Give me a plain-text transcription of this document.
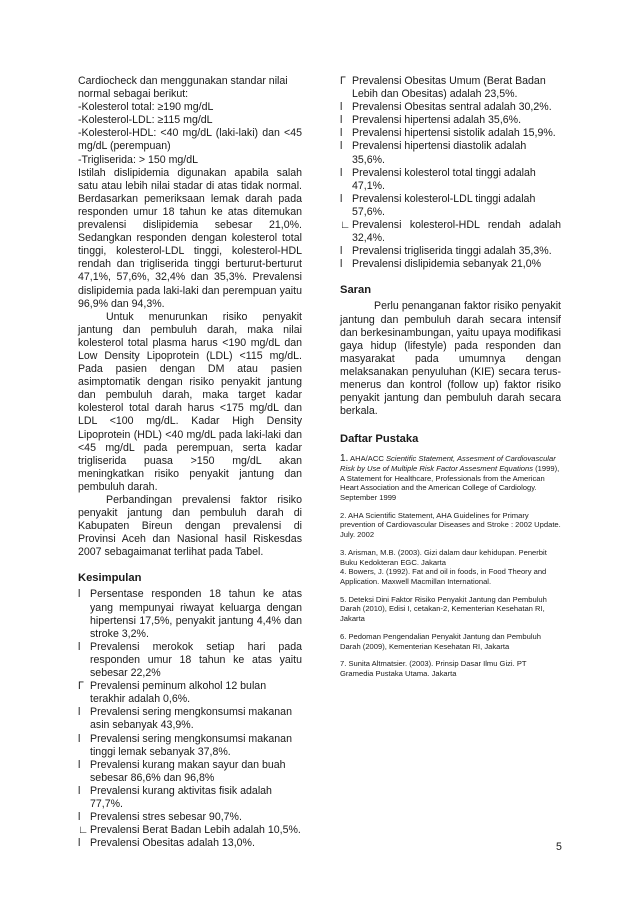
Cardiocheck dan menggunakan standar nilai

normal sebagai berikut:

-Kolesterol total: ≥190 mg/dL

-Kolesterol-LDL: ≥115 mg/dL

-Kolesterol-HDL: <40 mg/dL (laki-laki) dan <45 mg/dL (perempuan)

-Trigliserida: > 150 mg/dL

Istilah dislipidemia digunakan apabila salah satu atau lebih nilai stadar di atas tidak normal. Berdasarkan pemeriksaan lemak darah pada responden umur 18 tahun ke atas ditemukan prevalensi dislipidemia sebesar 21,0%. Sedangkan responden dengan kolesterol total tinggi, kolesterol-LDL tinggi, kolesterol-HDL rendah dan trigliserida tinggi berturut-berturut 47,1%, 57,6%, 32,4% dan 35,3%. Prevalensi dislipidemia pada laki-laki dan perempuan yaitu 96,9% dan 94,3%.

Untuk menurunkan risiko penyakit jantung dan pembuluh darah, maka nilai kolesterol total plasma harus <190 mg/dL dan Low Density Lipoprotein (LDL) <115 mg/dL. Pada pasien dengan DM atau pasien asimptomatik dengan risiko penyakit jantung dan pembuluh darah, maka target kadar kolesterol total darah harus <175 mg/dL dan LDL <100 mg/dL. Kadar High Density Lipoprotein (HDL) <40 mg/dL pada laki-laki dan <45 mg/dL pada perempuan, serta kadar trigliserida puasa >150 mg/dL akan meningkatkan risiko penyakit jantung dan pembuluh darah.

Perbandingan prevalensi faktor risiko penyakit jantung dan pembuluh darah di Kabupaten Bireun dengan prevalensi di Provinsi Aceh dan Nasional hasil Riskesdas 2007 sebagaimanat terlihat pada Tabel.

Kesimpulan

l Persentase responden 18 tahun ke atas yang mempunyai riwayat keluarga dengan hipertensi 17,5%, penyakit jantung 4,4% dan stroke 3,2%.
l Prevalensi merokok setiap hari pada responden umur 18 tahun ke atas yaitu sebesar 22,2%
Γ Prevalensi peminum alkohol 12 bulan terakhir adalah 0,6%.
l Prevalensi sering mengkonsumsi makanan asin sebanyak 43,9%.
l Prevalensi sering mengkonsumsi makanan tinggi lemak sebanyak 37,8%.
l Prevalensi kurang makan sayur dan buah sebesar 86,6% dan 96,8%
l Prevalensi kurang aktivitas fisik adalah 77,7%.
l Prevalensi stres sebesar 90,7%.
∟ Prevalensi Berat Badan Lebih adalah 10,5%.
l Prevalensi Obesitas adalah 13,0%.
Γ Prevalensi Obesitas Umum (Berat Badan Lebih dan Obesitas) adalah 23,5%.
l Prevalensi Obesitas sentral adalah 30,2%.
l Prevalensi hipertensi adalah 35,6%.
l Prevalensi hipertensi sistolik adalah 15,9%.
l Prevalensi hipertensi diastolik adalah 35,6%.
l Prevalensi kolesterol total tinggi adalah 47,1%.
l Prevalensi kolesterol-LDL tinggi adalah 57,6%.
∟ Prevalensi kolesterol-HDL rendah adalah 32,4%.
l Prevalensi trigliserida tinggi adalah 35,3%.
l Prevalensi dislipidemia sebanyak 21,0%

Saran

Perlu penanganan faktor risiko penyakit jantung dan pembuluh darah secara intensif dan berkesinambungan, yaitu upaya modifikasi gaya hidup (lifestyle) pada responden dan masyarakat pada umumnya dengan melaksanakan penyuluhan (KIE) secara terus-menerus dan kontrol (follow up) faktor risiko penyakit jantung dan pembuluh darah secara berkala.

Daftar Pustaka

1. AHA/ACC Scientific Statement, Assesment of Cardiovascular Risk by Use of Multiple Risk Factor Assesment Equations (1999), A Statement for Healthcare, Professionals from the American Heart Association and the American College of Cardiology. September 1999
2. AHA Scientific Statement, AHA Guidelines for Primary prevention of Cardiovascular Diseases and Stroke : 2002 Update. July. 2002
3. Arisman, M.B. (2003). Gizi dalam daur kehidupan. Penerbit Buku Kedokteran EGC. Jakarta
4. Bowers, J. (1992). Fat and oil in foods, in Food Theory and Application. Maxwell Macmillan International.
5. Deteksi Dini Faktor Risiko Penyakit Jantung dan Pembuluh Darah (2010), Edisi I, cetakan-2, Kementerian Kesehatan RI, Jakarta
6. Pedoman Pengendalian Penyakit Jantung dan Pembuluh Darah (2009), Kementerian Kesehatan RI, Jakarta
7. Sunita Altmatsier. (2003). Prinsip Dasar Ilmu Gizi. PT Gramedia Pustaka Utama. Jakarta
5
